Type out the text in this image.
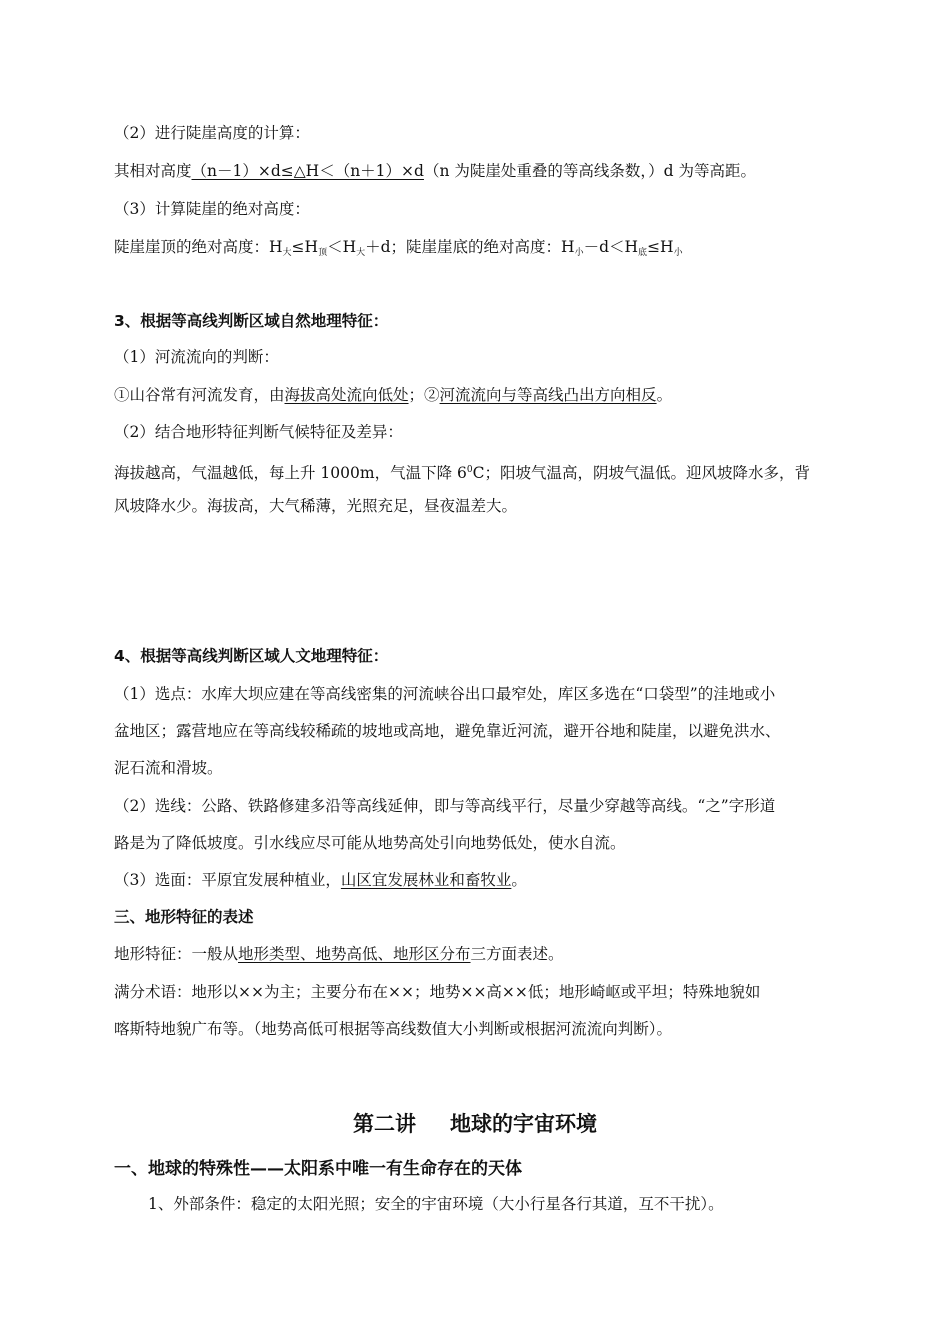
（2）进行陡崖高度的计算：
其相对高度（n－1）×d≤△H＜（n＋1）×d（n 为陡崖处重叠的等高线条数，）d 为等高距。
（3）计算陡崖的绝对高度：
陡崖崖顶的绝对高度：$H_大\le H_顶<H_大+d$；陡崖崖底的绝对高度：$H_小-d<H_底\le H_小$
3、根据等高线判断区域自然地理特征：
（1）河流流向的判断：
①山谷常有河流发育，由海拔高处流向低处；②河流流向与等高线凸出方向相反。
（2）结合地形特征判断气候特征及差异：
海拔越高，气温越低，每上升 1000m，气温下降 $6^0C$；阳坡气温高，阴坡气温低。迎风坡降水多，背
风坡降水少。海拔高，大气稀薄，光照充足，昼夜温差大。
4、根据等高线判断区域人文地理特征：
（1）选点：水库大坝应建在等高线密集的河流峡谷出口最窄处，库区多选在“口袋型”的洼地或小
盆地区；露营地应在等高线较稀疏的坡地或高地，避免靠近河流，避开谷地和陡崖，以避免洪水、
泥石流和滑坡。
（2）选线：公路、铁路修建多沿等高线延伸，即与等高线平行，尽量少穿越等高线。“之”字形道
路是为了降低坡度。引水线应尽可能从地势高处引向地势低处，使水自流。
（3）选面：平原宜发展种植业，山区宜发展林业和畜牧业。
三、地形特征的表述
地形特征：一般从地形类型、地势高低、地形区分布三方面表述。
满分术语：地形以××为主；主要分布在××；地势××高××低；地形崎岖或平坦；特殊地貌如
喀斯特地貌广布等。（地势高低可根据等高线数值大小判断或根据河流流向判断）。
第二讲 地球的宇宙环境
一、地球的特殊性——太阳系中唯一有生命存在的天体
1、外部条件：稳定的太阳光照；安全的宇宙环境（大小行星各行其道，互不干扰）。
